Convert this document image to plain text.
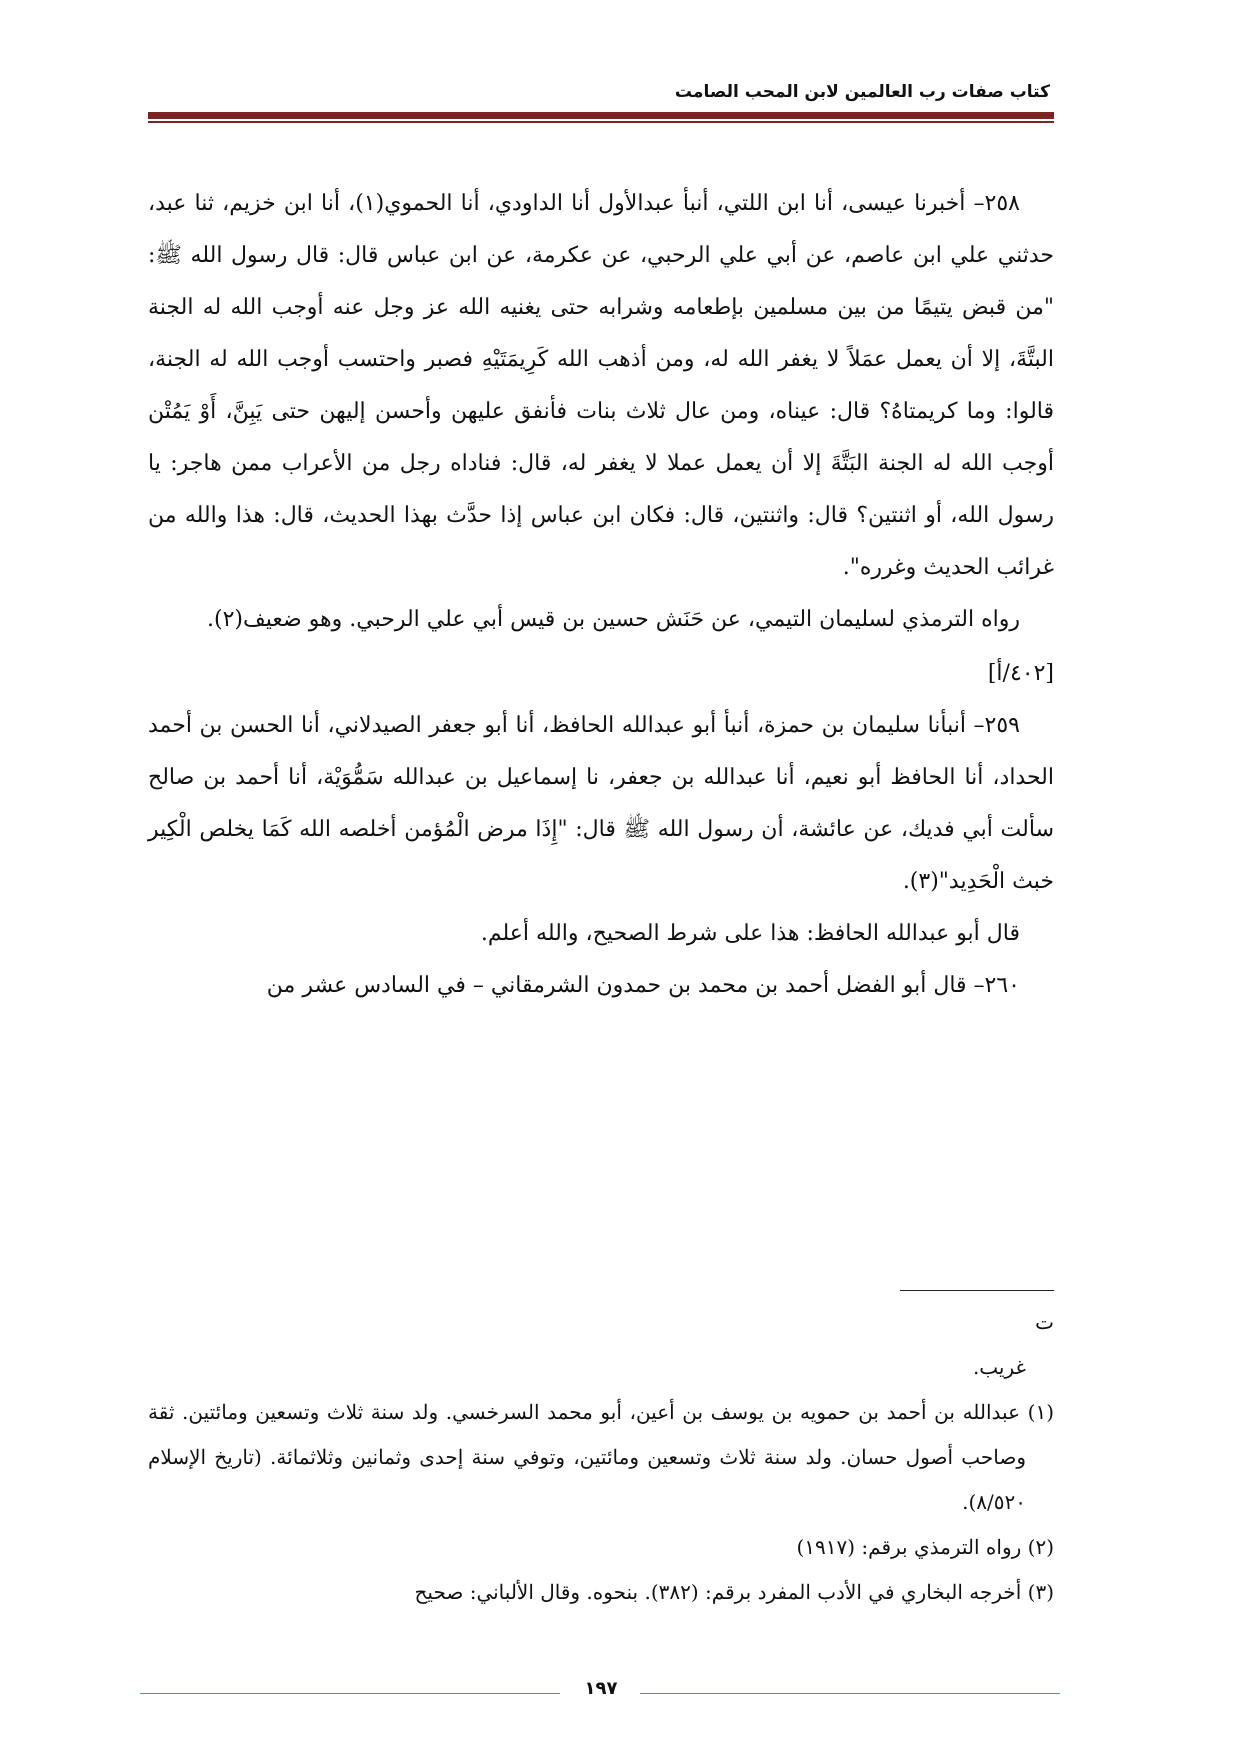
كتاب صفات رب العالمين لابن المحب الصامت

٢٥٨– أخبرنا عيسى، أنا ابن اللتي، أنبأ عبدالأول أنا الداودي، أنا الحموي(١)، أنا ابن خزيم، ثنا عبد، حدثني علي ابن عاصم، عن أبي علي الرحبي، عن عكرمة، عن ابن عباس قال: قال رسول الله ﷺ: "من قبض يتيمًا من بين مسلمين بإطعامه وشرابه حتى يغنيه الله عز وجل عنه أوجب الله له الجنة البتَّةَ، إلا أن يعمل عمَلاً لا يغفر الله له، ومن أذهب الله كَرِيمَتَيْهِ فصبر واحتسب أوجب الله له الجنة، قالوا: وما كريمتاهُ؟ قال: عيناه، ومن عال ثلاث بنات فأنفق عليهن وأحسن إليهن حتى يَبِنَّ، أَوْ يَمُتْن أوجب الله له الجنة البَتَّةَ إلا أن يعمل عملا لا يغفر له، قال: فناداه رجل من الأعراب ممن هاجر: يا رسول الله، أو اثنتين؟ قال: واثنتين، قال: فكان ابن عباس إذا حدَّث بهذا الحديث، قال: هذا والله من غرائب الحديث وغرره".

رواه الترمذي لسليمان التيمي، عن حَنَش حسين بن قيس أبي علي الرحبي. وهو ضعيف(٢).

[٤٠٢/أ]

٢٥٩– أنبأنا سليمان بن حمزة، أنبأ أبو عبدالله الحافظ، أنا أبو جعفر الصيدلاني، أنا الحسن بن أحمد الحداد، أنا الحافظ أبو نعيم، أنا عبدالله بن جعفر، نا إسماعيل بن عبدالله سَمُّوَيْة، أنا أحمد بن صالح سألت أبي فديك، عن عائشة، أن رسول الله ﷺ قال: "إِذَا مرض الْمُؤمن أخلصه الله كَمَا يخلص الْكِير خبث الْحَدِيد"(٣).

قال أبو عبدالله الحافظ: هذا على شرط الصحيح، والله أعلم.

٢٦٠– قال أبو الفضل أحمد بن محمد بن حمدون الشرمقاني – في السادس عشر من

ت

غريب.

(١) عبدالله بن أحمد بن حمويه بن يوسف بن أعين، أبو محمد السرخسي. ولد سنة ثلاث وتسعين ومائتين. ثقة وصاحب أصول حسان. ولد سنة ثلاث وتسعين ومائتين، وتوفي سنة إحدى وثمانين وثلاثمائة. (تاريخ الإسلام ٨/٥٢٠).

(٢) رواه الترمذي برقم: (١٩١٧)

(٣) أخرجه البخاري في الأدب المفرد برقم: (٣٨٢). بنحوه. وقال الألباني: صحيح

١٩٧
